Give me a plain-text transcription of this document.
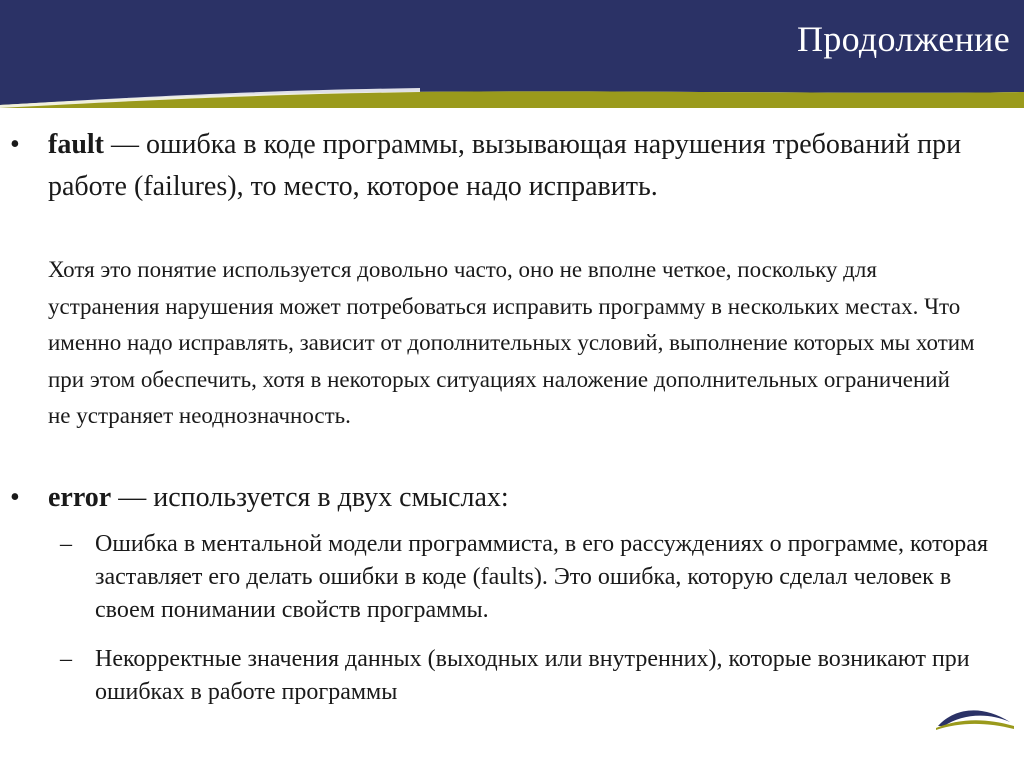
Продолжение
• fault — ошибка в коде программы, вызывающая нарушения требований при работе (failures), то место, которое надо исправить.
Хотя это понятие используется довольно часто, оно не вполне четкое, поскольку для устранения нарушения может потребоваться исправить программу в нескольких местах. Что именно надо исправлять, зависит от дополнительных условий, выполнение которых мы хотим при этом обеспечить, хотя в некоторых ситуациях наложение дополнительных ограничений не устраняет неоднозначность.
• error — используется в двух смыслах:
– Ошибка в ментальной модели программиста, в его рассуждениях о программе, которая заставляет его делать ошибки в коде (faults). Это ошибка, которую сделал человек в своем понимании свойств программы.
– Некорректные значения данных (выходных или внутренних), которые возникают при ошибках в работе программы
